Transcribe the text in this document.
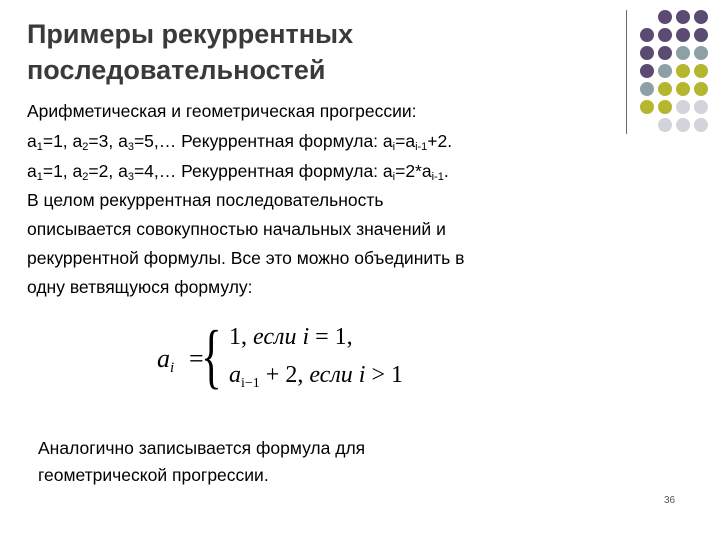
Примеры рекуррентных
последовательностей
Арифметическая и геометрическая прогрессии:
$a_1=1$, $a_2=3$, $a_3=5,\dots$ Рекуррентная формула: $a_i=a_{i-1}+2$.
$a_1=1$, $a_2=2$, $a_3=4,\dots$ Рекуррентная формула: $a_i=2*a_{i-1}$.
В целом рекуррентная последовательность
описывается совокупностью начальных значений и
рекуррентной формулы. Все это можно объединить в
одну ветвящуюся формулу:
$a_i$ =
{ 1, если i = 1,
$a_{i-1} + 2$, если i > 1
Аналогично записывается формула для
геометрической прогрессии.
36
